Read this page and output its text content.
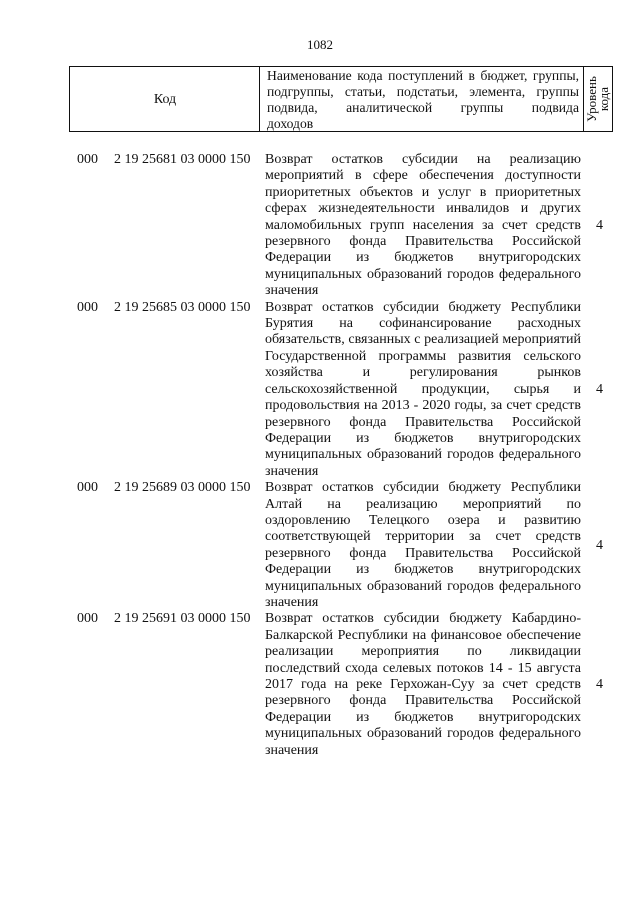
1082
Код
Наименование кода поступлений в бюджет, группы, подгруппы, статьи, подстатьи, элемента, группы подвида, аналитической группы подвида
доходов
Уровень кода
000 2 19 25681 03 0000 150 Возврат остатков субсидии на реализацию мероприятий в сфере обеспечения доступности приоритетных объектов и услуг в приоритетных сферах жизнедеятельности инвалидов и других маломобильных групп населения за счет средств резервного фонда Правительства Российской Федерации из бюджетов внутригородских муниципальных образований городов федерального значения
4
000 2 19 25685 03 0000 150 Возврат остатков субсидии бюджету Республики Бурятия на софинансирование расходных обязательств, связанных с реализацией мероприятий Государственной программы развития сельского хозяйства и регулирования рынков сельскохозяйственной продукции, сырья и продовольствия на 2013 - 2020 годы, за счет средств резервного фонда Правительства Российской Федерации из бюджетов внутригородских муниципальных образований городов федерального значения
4
000 2 19 25689 03 0000 150 Возврат остатков субсидии бюджету Республики Алтай на реализацию мероприятий по оздоровлению Телецкого озера и развитию соответствующей территории за счет средств резервного фонда Правительства Российской Федерации из бюджетов внутригородских муниципальных образований городов федерального значения
4
000 2 19 25691 03 0000 150 Возврат остатков субсидии бюджету Кабардино-Балкарской Республики на финансовое обеспечение реализации мероприятия по ликвидации последствий схода селевых потоков 14 - 15 августа 2017 года на реке Герхожан-Суу за счет средств резервного фонда Правительства Российской Федерации из бюджетов внутригородских муниципальных образований городов федерального значения
4
